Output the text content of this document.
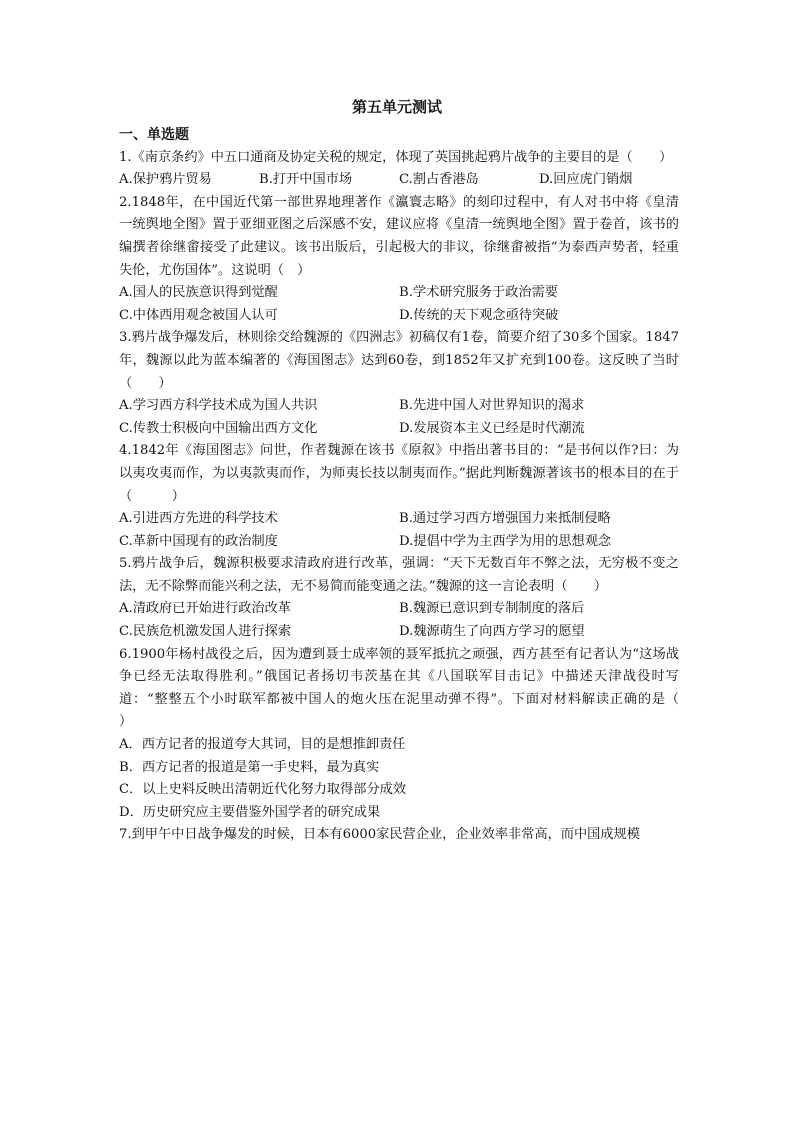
第五单元测试
一、单选题

1.《南京条约》中五口通商及协定关税的规定，体现了英国挑起鸦片战争的主要目的是（　　）

A.保护鸦片贸易	B.打开中国市场	C.割占香港岛	D.回应虎门销烟

2.1848年，在中国近代第一部世界地理著作《瀛寰志略》的刻印过程中，有人对书中将《皇清一统舆地全图》置于亚细亚图之后深感不安，建议应将《皇清一统舆地全图》置于卷首，该书的编撰者徐继畬接受了此建议。该书出版后，引起极大的非议，徐继畬被指“为泰西声势者，轻重失伦，尤伤国体”。这说明（　）

A.国人的民族意识得到觉醒	B.学术研究服务于政治需要
C.中体西用观念被国人认可	D.传统的天下观念亟待突破

3.鸦片战争爆发后，林则徐交给魏源的《四洲志》初稿仅有1卷，简要介绍了30多个国家。1847年，魏源以此为蓝本编著的《海国图志》达到60卷，到1852年又扩充到100卷。这反映了当时（　　）

A.学习西方科学技术成为国人共识	B.先进中国人对世界知识的渴求
C.传教士积极向中国输出西方文化	D.发展资本主义已经是时代潮流

4.1842年《海国图志》问世，作者魏源在该书《原叙》中指出著书目的：“是书何以作?曰：为以夷攻夷而作，为以夷款夷而作，为师夷长技以制夷而作。”据此判断魏源著该书的根本目的在于（　　　）

A.引进西方先进的科学技术	B.通过学习西方增强国力来抵制侵略
C.革新中国现有的政治制度	D.提倡中学为主西学为用的思想观念

5.鸦片战争后，魏源积极要求清政府进行改革，强调：“天下无数百年不弊之法，无穷极不变之法，无不除弊而能兴利之法，无不易简而能变通之法。”魏源的这一言论表明（　　）

A.清政府已开始进行政治改革	B.魏源已意识到专制制度的落后
C.民族危机激发国人进行探索	D.魏源萌生了向西方学习的愿望

6.1900年杨村战役之后，因为遭到聂士成率领的聂军抵抗之顽强，西方甚至有记者认为“这场战争已经无法取得胜利。”俄国记者扬切韦茨基在其《八国联军目击记》中描述天津战役时写道：“整整五个小时联军都被中国人的炮火压在泥里动弹不得”。下面对材料解读正确的是（　　　）

A．西方记者的报道夸大其词，目的是想推卸责任
B．西方记者的报道是第一手史料，最为真实
C．以上史料反映出清朝近代化努力取得部分成效
D．历史研究应主要借鉴外国学者的研究成果
7.到甲午中日战争爆发的时候，日本有6000家民营企业，企业效率非常高，而中国成规模
